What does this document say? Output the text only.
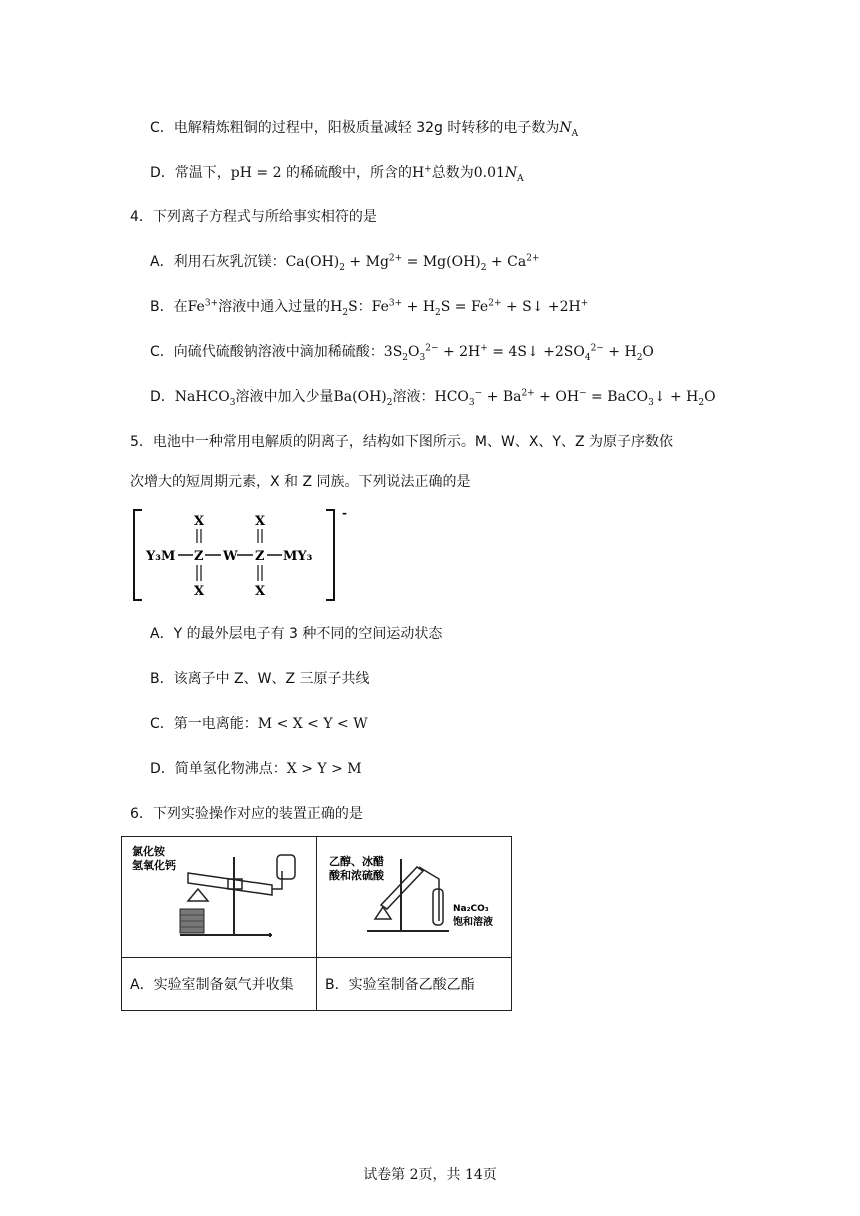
C．电解精炼粗铜的过程中，阳极质量减轻 32g 时转移的电子数为$N_A$
D．常温下，pH = 2 的稀硫酸中，所含的H+总数为$0.01N_A$
4．下列离子方程式与所给事实相符的是
A．利用石灰乳沉镁：$Ca(OH)_2 + Mg^{2+} = Mg(OH)_2 + Ca^{2+}$
B．在$Fe^{3+}$溶液中通入过量的$H_2S$：$Fe^{3+} + H_2S = Fe^{2+}$ + S↓ +2H+
C．向硫代硫酸钠溶液中滴加稀硫酸：$3S_2O_3^{2-} + 2H^+$ = 4S↓ $+2SO_4^{2-} + H_2O$
D．NaHCO$_3$溶液中加入少量$Ba(OH)_2$溶液：$HCO_3^- + Ba^{2+} + OH^-$ = BaCO$_3$↓ + $H_2O$
5．电池中一种常用电解质的阴离子，结构如下图所示。M、W、X、Y、Z 为原子序数依
次增大的短周期元素，X 和 Z 同族。下列说法正确的是
-
Y₃M Z W Z MY₃
X
X
X
X
A．Y 的最外层电子有 3 种不同的空间运动状态
B．该离子中 Z、W、Z 三原子共线
C．第一电离能：M < X < Y < W
D．简单氢化物沸点：X > Y > M
6．下列实验操作对应的装置正确的是
氯化铵
氢氧化钙	乙醇、冰醋
酸和浓硫酸
Na₂CO₃
饱和溶液

A．实验室制备氨气并收集	B．实验室制备乙酸乙酯
试卷第 2页，共 14页
